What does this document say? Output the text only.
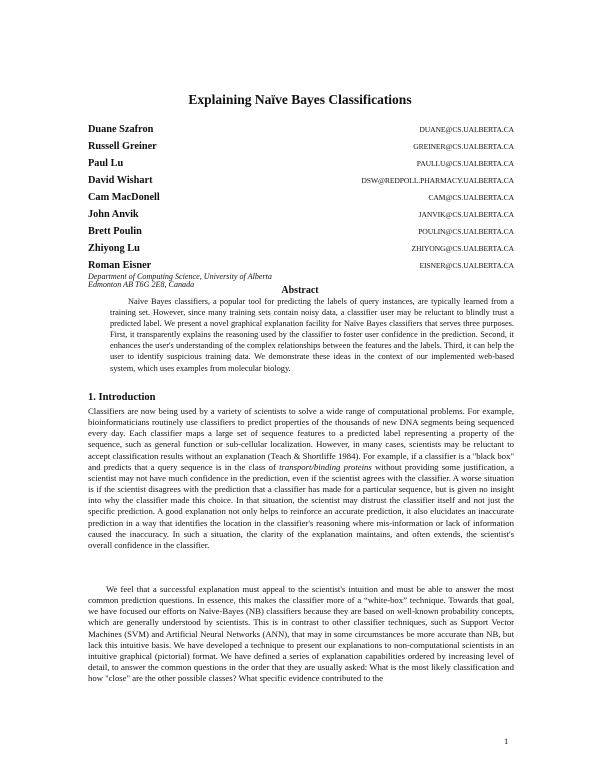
Explaining Naïve Bayes Classifications
Duane Szafron	DUANE@CS.UALBERTA.CA
Russell Greiner	GREINER@CS.UALBERTA.CA
Paul Lu	PAULLU@CS.UALBERTA.CA
David Wishart	DSW@REDPOLL.PHARMACY.UALBERTA.CA
Cam MacDonell	CAM@CS.UALBERTA.CA
John Anvik	JANVIK@CS.UALBERTA.CA
Brett Poulin	POULIN@CS.UALBERTA.CA
Zhiyong Lu	ZHIYONG@CS.UALBERTA.CA
Roman Eisner	EISNER@CS.UALBERTA.CA
Department of Computing Science, University of Alberta
Edmonton AB T6G 2E8, Canada
Abstract

Naïve Bayes classifiers, a popular tool for predicting the labels of query instances, are typically learned from a training set. However, since many training sets contain noisy data, a classifier user may be reluctant to blindly trust a predicted label. We present a novel graphical explanation facility for Naïve Bayes classifiers that serves three purposes. First, it transparently explains the reasoning used by the classifier to foster user confidence in the prediction. Second, it enhances the user's understanding of the complex relationships between the features and the labels. Third, it can help the user to identify suspicious training data. We demonstrate these ideas in the context of our implemented web-based system, which uses examples from molecular biology.

1. Introduction

Classifiers are now being used by a variety of scientists to solve a wide range of computational problems. For example, bioinformaticians routinely use classifiers to predict properties of the thousands of new DNA segments being sequenced every day. Each classifier maps a large set of sequence features to a predicted label representing a property of the sequence, such as general function or sub-cellular localization. However, in many cases, scientists may be reluctant to accept classification results without an explanation (Teach & Shortliffe 1984). For example, if a classifier is a "black box" and predicts that a query sequence is in the class of transport/binding proteins without providing some justification, a scientist may not have much confidence in the prediction, even if the scientist agrees with the classifier. A worse situation is if the scientist disagrees with the prediction that a classifier has made for a particular sequence, but is given no insight into why the classifier made this choice. In that situation, the scientist may distrust the classifier itself and not just the specific prediction. A good explanation not only helps to reinforce an accurate prediction, it also elucidates an inaccurate prediction in a way that identifies the location in the classifier's reasoning where mis-information or lack of information caused the inaccuracy. In such a situation, the clarity of the explanation maintains, and often extends, the scientist's overall confidence in the classifier.

We feel that a successful explanation must appeal to the scientist's intuition and must be able to answer the most common prediction questions. In essence, this makes the classifier more of a “white-box” technique. Towards that goal, we have focused our efforts on Naïve-Bayes (NB) classifiers because they are based on well-known probability concepts, which are generally understood by scientists. This is in contrast to other classifier techniques, such as Support Vector Machines (SVM) and Artificial Neural Networks (ANN), that may in some circumstances be more accurate than NB, but lack this intuitive basis. We have developed a technique to present our explanations to non-computational scientists in an intuitive graphical (pictorial) format. We have defined a series of explanation capabilities ordered by increasing level of detail, to answer the common questions in the order that they are usually asked: What is the most likely classification and how "close" are the other possible classes? What specific evidence contributed to the

1
